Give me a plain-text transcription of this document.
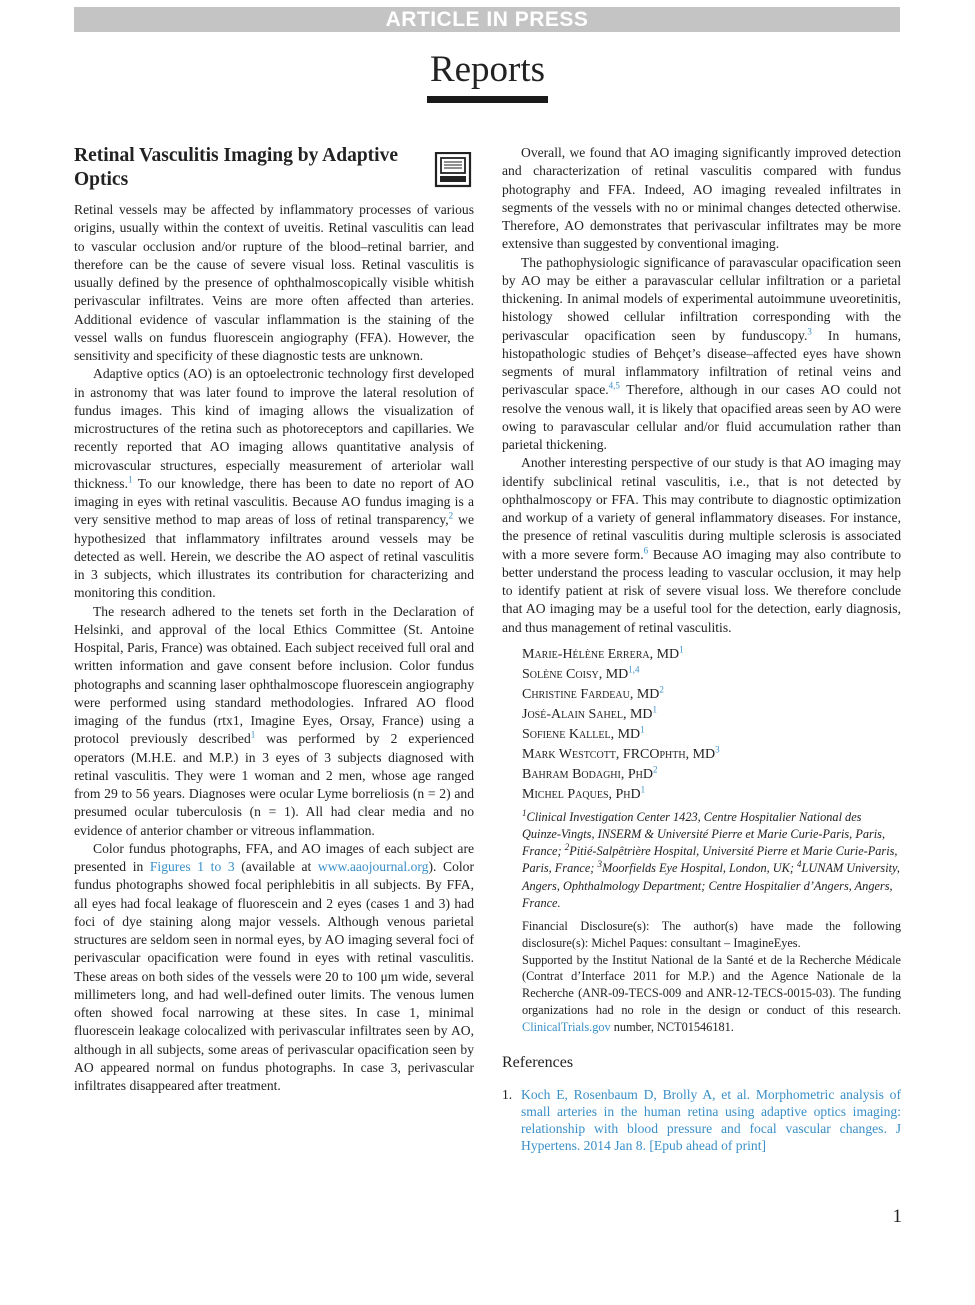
ARTICLE IN PRESS
Reports
Retinal Vasculitis Imaging by Adaptive Optics

Retinal vessels may be affected by inflammatory processes of various origins, usually within the context of uveitis. Retinal vasculitis can lead to vascular occlusion and/or rupture of the blood–retinal barrier, and therefore can be the cause of severe visual loss. Retinal vasculitis is usually defined by the presence of ophthalmoscopically visible whitish perivascular infiltrates. Veins are more often affected than arteries. Additional evidence of vascular inflammation is the staining of the vessel walls on fundus fluorescein angiography (FFA). However, the sensitivity and specificity of these diagnostic tests are unknown.

Adaptive optics (AO) is an optoelectronic technology first developed in astronomy that was later found to improve the lateral resolution of fundus images. This kind of imaging allows the visualization of microstructures of the retina such as photoreceptors and capillaries. We recently reported that AO imaging allows quantitative analysis of microvascular structures, especially measurement of arteriolar wall thickness.$^1$ To our knowledge, there has been to date no report of AO imaging in eyes with retinal vasculitis. Because AO fundus imaging is a very sensitive method to map areas of loss of retinal transparency,$^2$ we hypothesized that inflammatory infiltrates around vessels may be detected as well. Herein, we describe the AO aspect of retinal vasculitis in 3 subjects, which illustrates its contribution for characterizing and monitoring this condition.

The research adhered to the tenets set forth in the Declaration of Helsinki, and approval of the local Ethics Committee (St. Antoine Hospital, Paris, France) was obtained. Each subject received full oral and written information and gave consent before inclusion. Color fundus photographs and scanning laser ophthalmoscope fluorescein angiography were performed using standard methodologies. Infrared AO flood imaging of the fundus (rtx1, Imagine Eyes, Orsay, France) using a protocol previously described$^1$ was performed by 2 experienced operators (M.H.E. and M.P.) in 3 eyes of 3 subjects diagnosed with retinal vasculitis. They were 1 woman and 2 men, whose age ranged from 29 to 56 years. Diagnoses were ocular Lyme borreliosis (n = 2) and presumed ocular tuberculosis (n = 1). All had clear media and no evidence of anterior chamber or vitreous inflammation.

Color fundus photographs, FFA, and AO images of each subject are presented in Figures 1 to 3 (available at www.aaojournal.org). Color fundus photographs showed focal periphlebitis in all subjects. By FFA, all eyes had focal leakage of fluorescein and 2 eyes (cases 1 and 3) had foci of dye staining along major vessels. Although venous parietal structures are seldom seen in normal eyes, by AO imaging several foci of perivascular opacification were found in eyes with retinal vasculitis. These areas on both sides of the vessels were 20 to 100 μm wide, several millimeters long, and had well-defined outer limits. The venous lumen often showed focal narrowing at these sites. In case 1, minimal fluorescein leakage colocalized with perivascular infiltrates seen by AO, although in all subjects, some areas of perivascular opacification seen by AO appeared normal on fundus photographs. In case 3, perivascular infiltrates disappeared after treatment.

Overall, we found that AO imaging significantly improved detection and characterization of retinal vasculitis compared with fundus photography and FFA. Indeed, AO imaging revealed infiltrates in segments of the vessels with no or minimal changes detected otherwise. Therefore, AO demonstrates that perivascular infiltrates may be more extensive than suggested by conventional imaging.

The pathophysiologic significance of paravascular opacification seen by AO may be either a paravascular cellular infiltration or a parietal thickening. In animal models of experimental autoimmune uveoretinitis, histology showed cellular infiltration corresponding with the perivascular opacification seen by funduscopy.$^3$ In humans, histopathologic studies of Behçet’s disease–affected eyes have shown segments of mural inflammatory infiltration of retinal veins and perivascular space.$^{4,5}$ Therefore, although in our cases AO could not resolve the venous wall, it is likely that opacified areas seen by AO were owing to paravascular cellular and/or fluid accumulation rather than parietal thickening.

Another interesting perspective of our study is that AO imaging may identify subclinical retinal vasculitis, i.e., that is not detected by ophthalmoscopy or FFA. This may contribute to diagnostic optimization and workup of a variety of general inflammatory diseases. For instance, the presence of retinal vasculitis during multiple sclerosis is associated with a more severe form.$^6$ Because AO imaging may also contribute to better understand the process leading to vascular occlusion, it may help to identify patient at risk of severe visual loss. We therefore conclude that AO imaging may be a useful tool for the detection, early diagnosis, and thus management of retinal vasculitis.

Marie-Hélène Errera, $MD^1$
Solène Coisy, MD$^{1,4}$
Christine Fardeau, $MD^2$
José-Alain Sahel, $MD^1$
Sofiene Kallel, $MD^1$
Mark Westcott, FRCOphth, $MD^3$
Bahram Bodaghi, PhD$^2$
Michel Paques, PhD$^1$
$^1$Clinical Investigation Center 1423, Centre Hospitalier National des Quinze-Vingts, INSERM & Université Pierre et Marie Curie-Paris, Paris, France; $^2$Pitié-Salpêtrière Hospital, Université Pierre et Marie Curie-Paris, Paris, France; $^3$Moorfields Eye Hospital, London, UK; $^4$LUNAM University, Angers, Ophthalmology Department; Centre Hospitalier d’Angers, Angers, France.
Financial Disclosure(s): The author(s) have made the following disclosure(s): Michel Paques: consultant – ImagineEyes.
Supported by the Institut National de la Santé et de la Recherche Médicale (Contrat d’Interface 2011 for M.P.) and the Agence Nationale de la Recherche (ANR-09-TECS-009 and ANR-12-TECS-0015-03). The funding organizations had no role in the design or conduct of this research. ClinicalTrials.gov number, NCT01546181.
References
1. Koch E, Rosenbaum D, Brolly A, et al. Morphometric analysis of small arteries in the human retina using adaptive optics imaging: relationship with blood pressure and focal vascular changes. J Hypertens. 2014 Jan 8. [Epub ahead of print]
1
